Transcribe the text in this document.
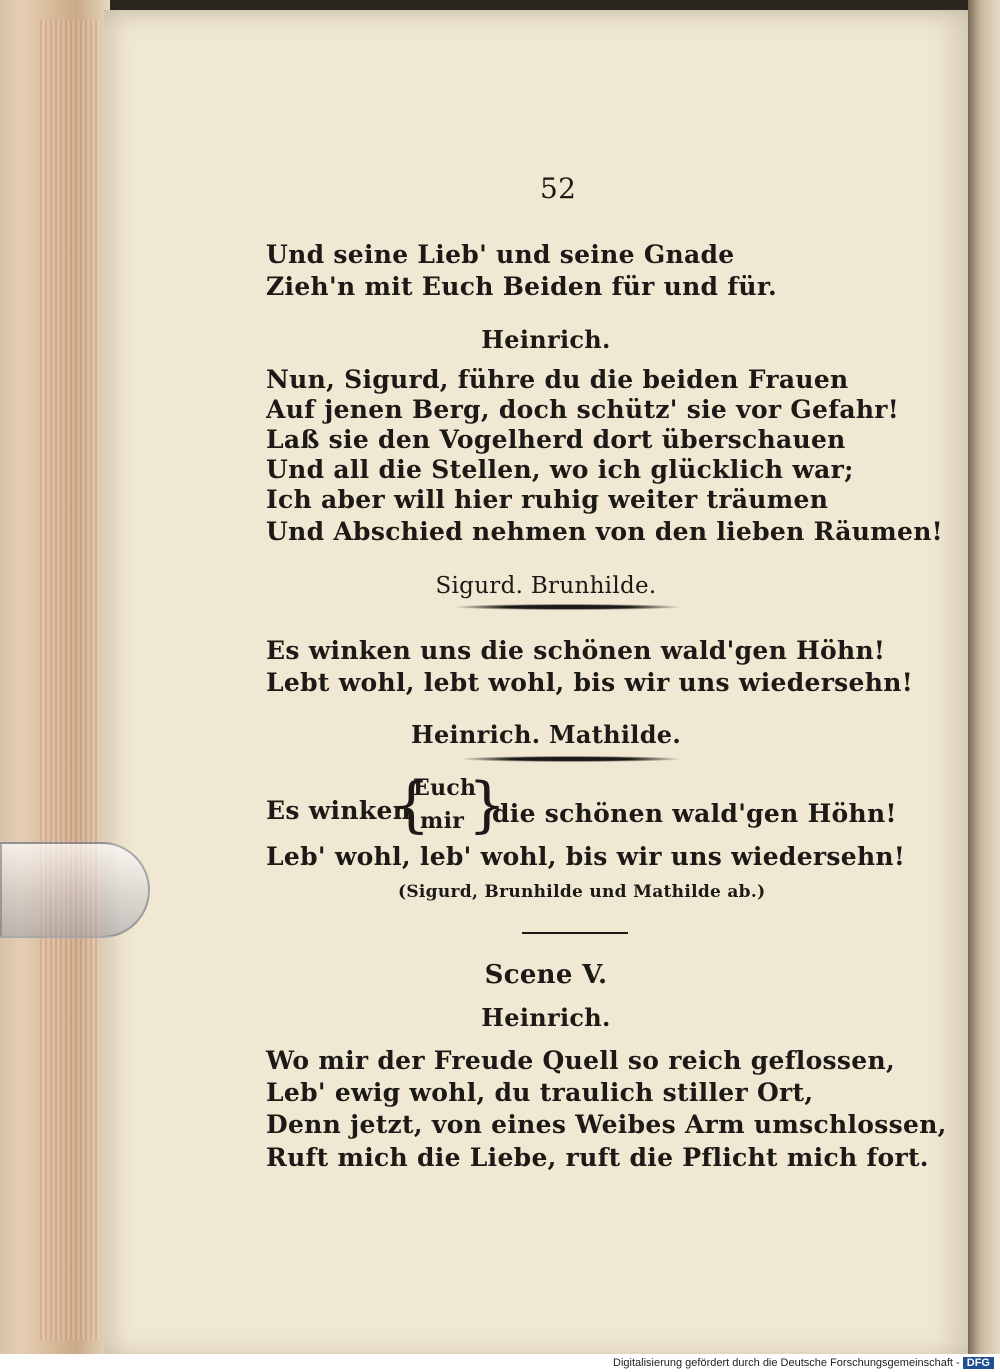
52
Und seine Lieb' und seine Gnade
Zieh'n mit Euch Beiden für und für.
Heinrich.
Nun, Sigurd, führe du die beiden Frauen
Auf jenen Berg, doch schütz' sie vor Gefahr!
Laß sie den Vogelherd dort überschauen
Und all die Stellen, wo ich glücklich war;
Ich aber will hier ruhig weiter träumen
Und Abschied nehmen von den lieben Räumen!
Sigurd. Brunhilde.
Es winken uns die schönen wald'gen Höhn!
Lebt wohl, lebt wohl, bis wir uns wiedersehn!
Heinrich. Mathilde.
Es winken
{
Euch
mir }
die schönen wald'gen Höhn!
Leb' wohl, leb' wohl, bis wir uns wiedersehn!
(Sigurd, Brunhilde und Mathilde ab.)
Scene V.
Heinrich.
Wo mir der Freude Quell so reich geflossen,
Leb' ewig wohl, du traulich stiller Ort,
Denn jetzt, von eines Weibes Arm umschlossen,
Ruft mich die Liebe, ruft die Pflicht mich fort.
Digitalisierung gefördert durch die Deutsche Forschungsgemeinschaft - DFG
